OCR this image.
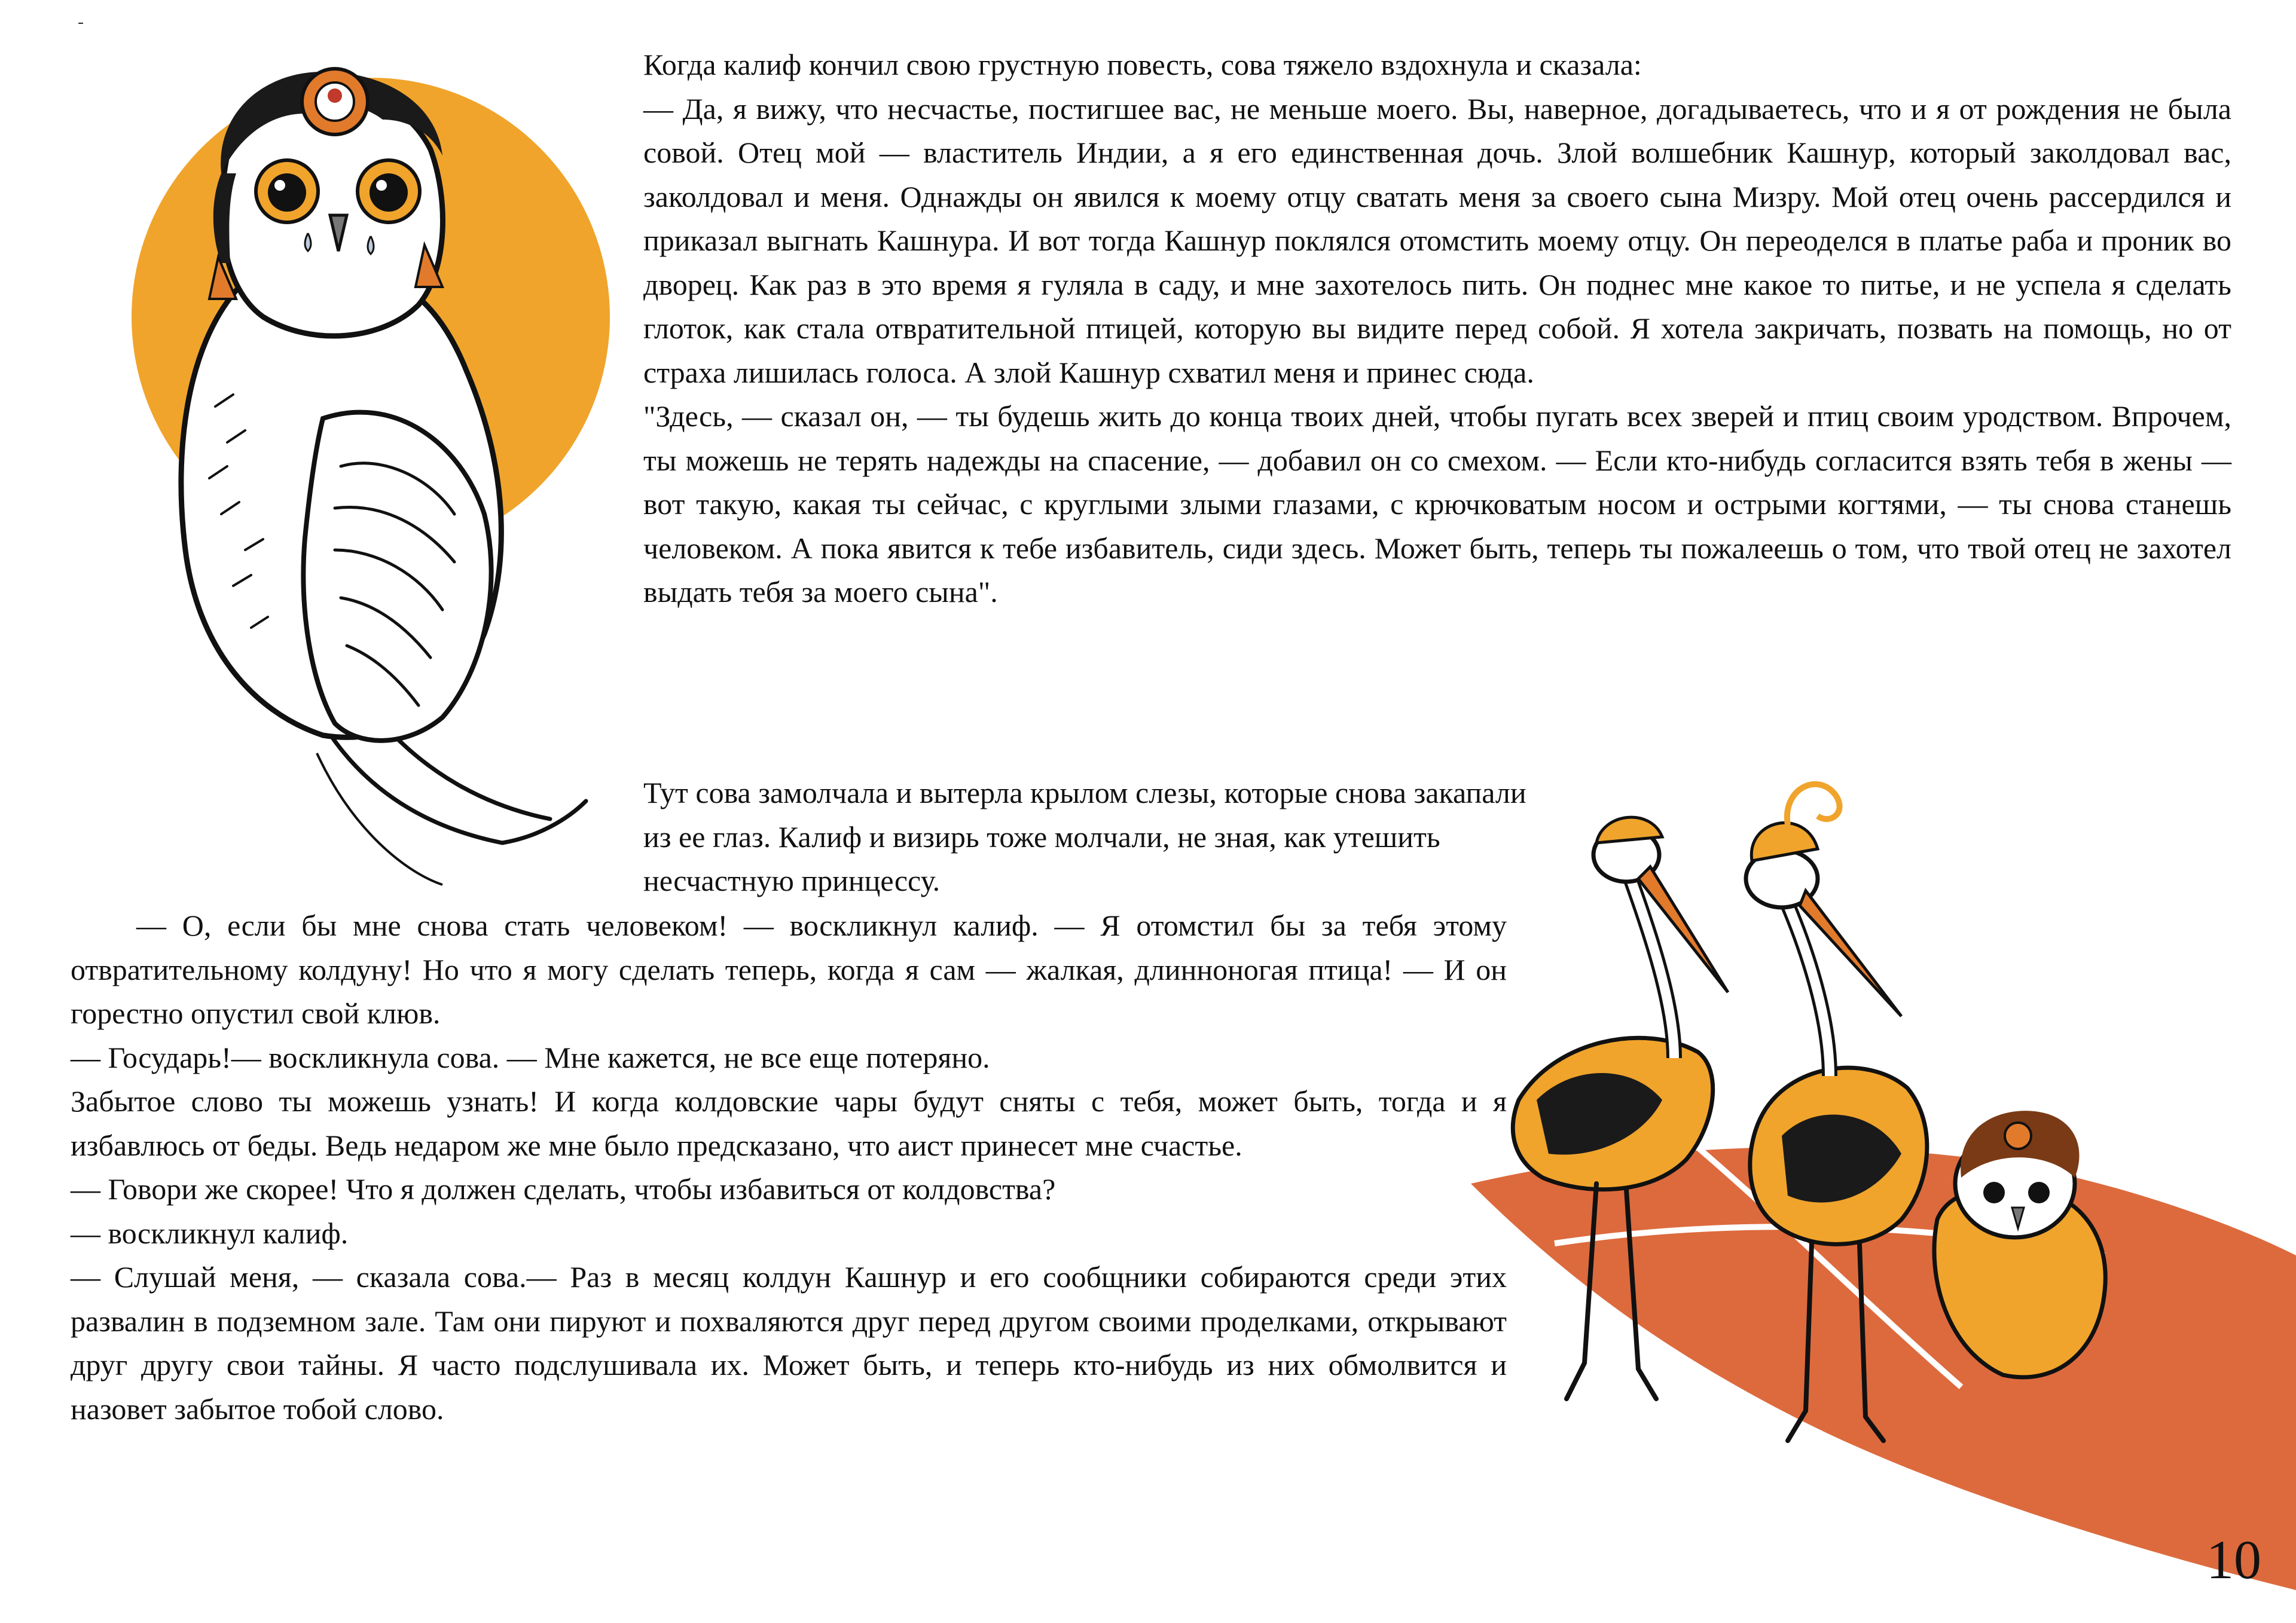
-

Когда калиф кончил свою грустную повесть, сова тяжело вздохнула и сказала:

— Да, я вижу, что несчастье, постигшее вас, не меньше моего. Вы, наверное, догадываетесь, что и я от рождения не была совой. Отец мой — властитель Индии, а я его единственная дочь. Злой волшебник Кашнур, который заколдовал вас, заколдовал и меня. Однажды он явился к моему отцу сватать меня за своего сына Мизру. Мой отец очень рассердился и приказал выгнать Кашнура. И вот тогда Кашнур поклялся отомстить моему отцу. Он переоделся в платье раба и проник во дворец. Как раз в это время я гуляла в саду, и мне захотелось пить. Он поднес мне какое то питье, и не успела я сделать глоток, как стала отвратительной птицей, которую вы видите перед собой. Я хотела закричать, позвать на помощь, но от страха лишилась голоса. А злой Кашнур схватил меня и принес сюда.

"Здесь, — сказал он, — ты будешь жить до конца твоих дней, чтобы пугать всех зверей и птиц своим уродством. Впрочем, ты можешь не терять надежды на спасение, — добавил он со смехом. — Если кто-нибудь согласится взять тебя в жены — вот такую, какая ты сейчас, с круглыми злыми глазами, с крючковатым носом и острыми когтями, — ты снова станешь человеком. А пока явится к тебе избавитель, сиди здесь. Может быть, теперь ты пожалеешь о том, что твой отец не захотел выдать тебя за моего сына".

Тут сова замолчала и вытерла крылом слезы, которые снова закапали

из ее глаз. Калиф и визирь тоже молчали, не зная, как утешить

несчастную принцессу.

— О, если бы мне снова стать человеком! — воскликнул калиф. — Я отомстил бы за тебя этому отвратительному колдуну! Но что я могу сделать теперь, когда я сам — жалкая, длинноногая птица! — И он горестно опустил свой клюв.

— Государь!— воскликнула сова. — Мне кажется, не все еще потеряно.

Забытое слово ты можешь узнать! И когда колдовские чары будут сняты с тебя, может быть, тогда и я избавлюсь от беды. Ведь недаром же мне было предсказано, что аист принесет мне счастье.

— Говори же скорее! Что я должен сделать, чтобы избавиться от колдовства?

— воскликнул калиф.

— Слушай меня, — сказала сова.— Раз в месяц колдун Кашнур и его сообщники собираются среди этих развалин в подземном зале. Там они пируют и похваляются друг перед другом своими проделками, открывают друг другу свои тайны. Я часто подслушивала их. Может быть, и теперь кто-нибудь из них обмолвится и назовет забытое тобой слово.

10
